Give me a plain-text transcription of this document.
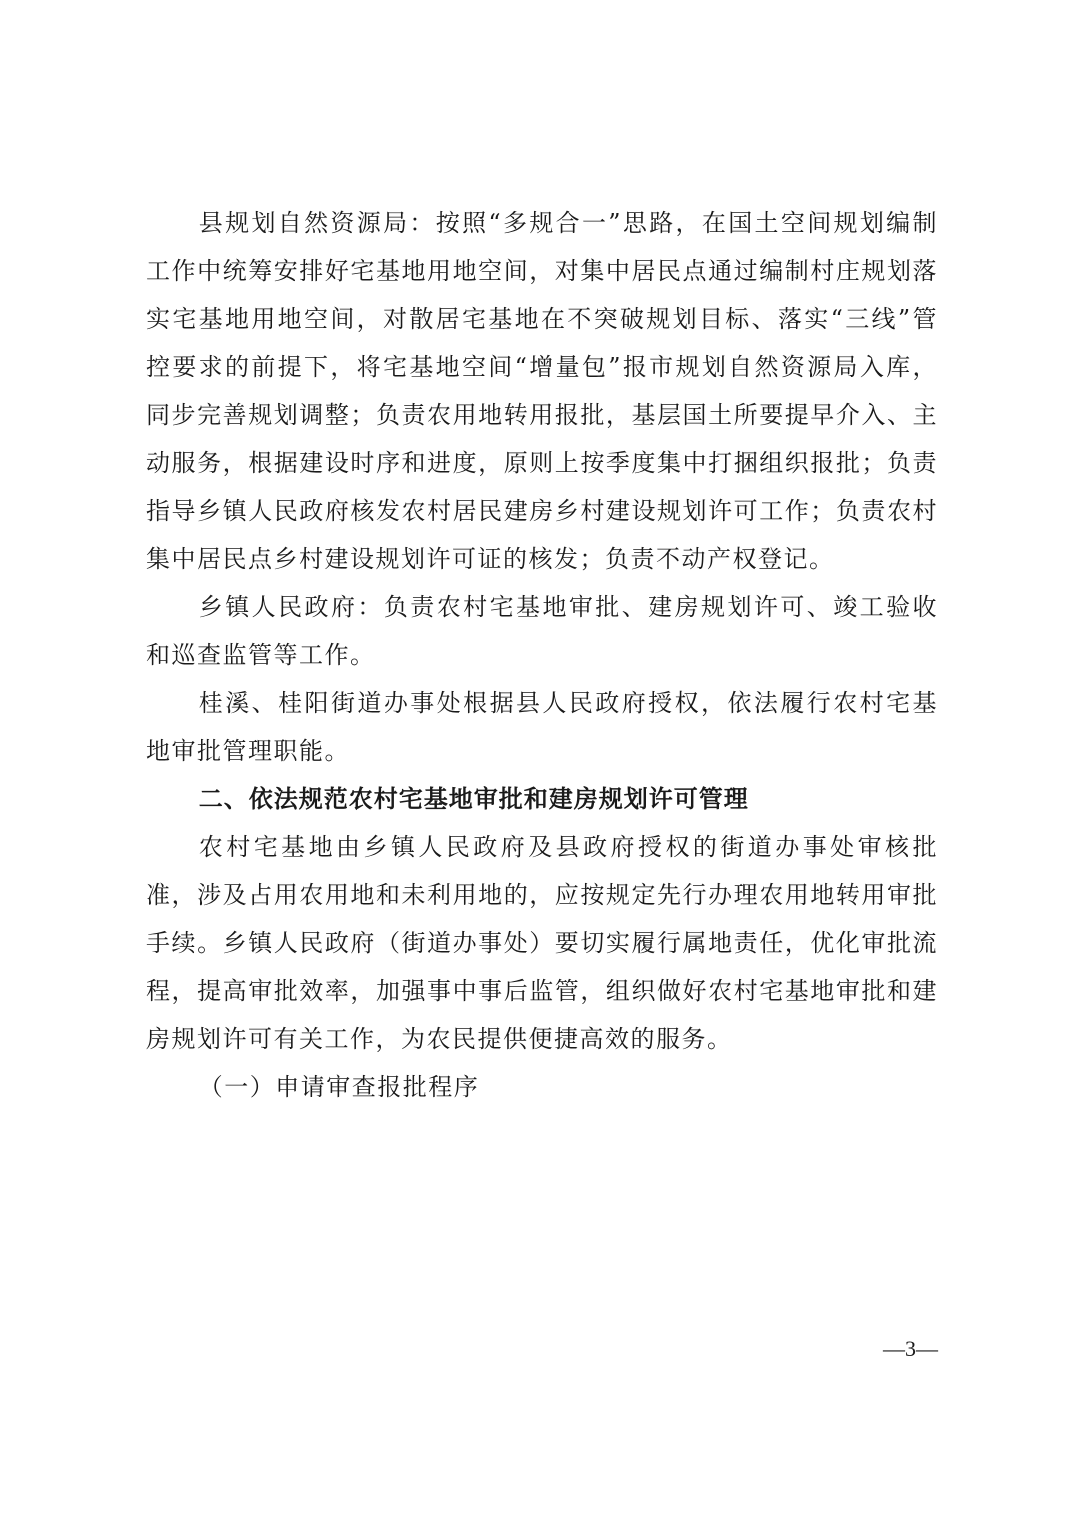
县规划自然资源局：按照“多规合一”思路，在国土空间规划编制工作中统筹安排好宅基地用地空间，对集中居民点通过编制村庄规划落实宅基地用地空间，对散居宅基地在不突破规划目标、落实“三线”管控要求的前提下，将宅基地空间“增量包”报市规划自然资源局入库，同步完善规划调整；负责农用地转用报批，基层国土所要提早介入、主动服务，根据建设时序和进度，原则上按季度集中打捆组织报批；负责指导乡镇人民政府核发农村居民建房乡村建设规划许可工作；负责农村集中居民点乡村建设规划许可证的核发；负责不动产权登记。

乡镇人民政府：负责农村宅基地审批、建房规划许可、竣工验收和巡查监管等工作。

桂溪、桂阳街道办事处根据县人民政府授权，依法履行农村宅基地审批管理职能。

二、依法规范农村宅基地审批和建房规划许可管理

农村宅基地由乡镇人民政府及县政府授权的街道办事处审核批准，涉及占用农用地和未利用地的，应按规定先行办理农用地转用审批手续。乡镇人民政府（街道办事处）要切实履行属地责任，优化审批流程，提高审批效率，加强事中事后监管，组织做好农村宅基地审批和建房规划许可有关工作，为农民提供便捷高效的服务。

（一）申请审查报批程序

—3—
